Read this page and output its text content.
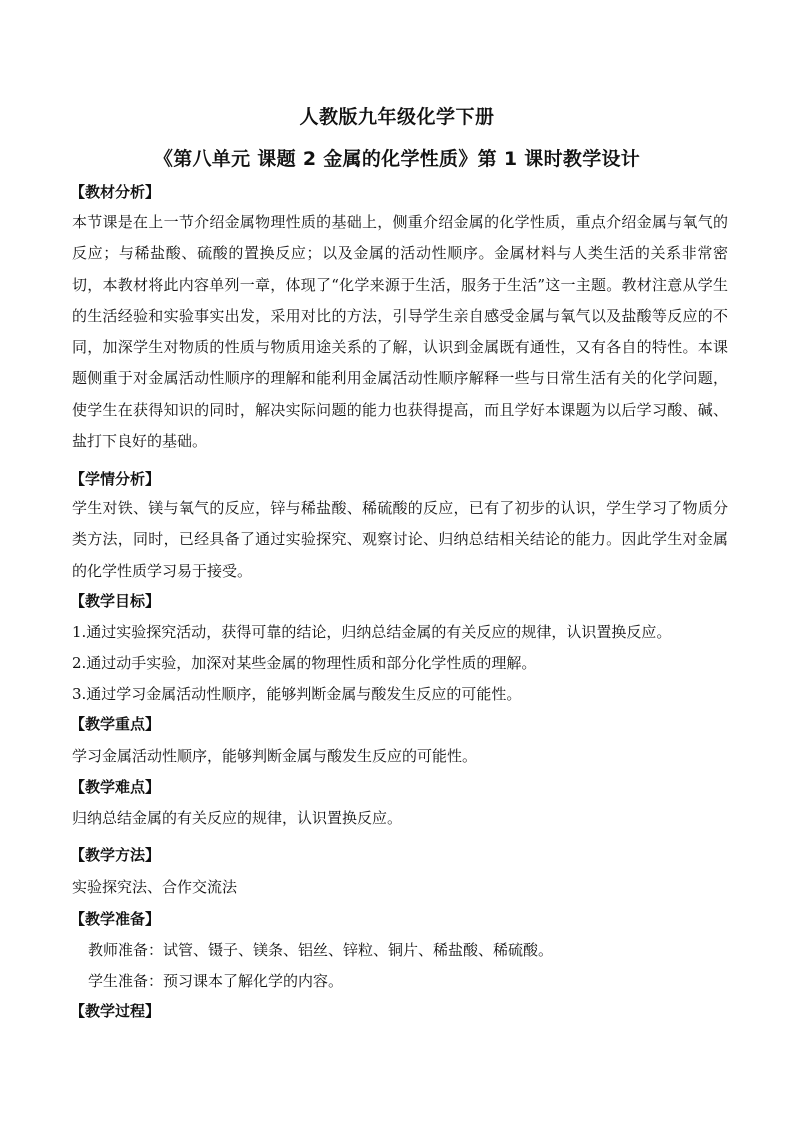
人教版九年级化学下册
《第八单元 课题 2 金属的化学性质》第 1 课时教学设计
【教材分析】
本节课是在上一节介绍金属物理性质的基础上，侧重介绍金属的化学性质，重点介绍金属与氧气的反应；与稀盐酸、硫酸的置换反应；以及金属的活动性顺序。金属材料与人类生活的关系非常密切，本教材将此内容单列一章，体现了“化学来源于生活，服务于生活”这一主题。教材注意从学生的生活经验和实验事实出发，采用对比的方法，引导学生亲自感受金属与氧气以及盐酸等反应的不同，加深学生对物质的性质与物质用途关系的了解，认识到金属既有通性，又有各自的特性。本课题侧重于对金属活动性顺序的理解和能利用金属活动性顺序解释一些与日常生活有关的化学问题，使学生在获得知识的同时，解决实际问题的能力也获得提高，而且学好本课题为以后学习酸、碱、盐打下良好的基础。
【学情分析】
学生对铁、镁与氧气的反应，锌与稀盐酸、稀硫酸的反应，已有了初步的认识，学生学习了物质分类方法，同时，已经具备了通过实验探究、观察讨论、归纳总结相关结论的能力。因此学生对金属的化学性质学习易于接受。
【教学目标】
1.通过实验探究活动，获得可靠的结论，归纳总结金属的有关反应的规律，认识置换反应。
2.通过动手实验，加深对某些金属的物理性质和部分化学性质的理解。
3.通过学习金属活动性顺序，能够判断金属与酸发生反应的可能性。
【教学重点】
学习金属活动性顺序，能够判断金属与酸发生反应的可能性。
【教学难点】
归纳总结金属的有关反应的规律，认识置换反应。
【教学方法】
实验探究法、合作交流法
【教学准备】
教师准备：试管、镊子、镁条、铝丝、锌粒、铜片、稀盐酸、稀硫酸。
学生准备：预习课本了解化学的内容。
【教学过程】
